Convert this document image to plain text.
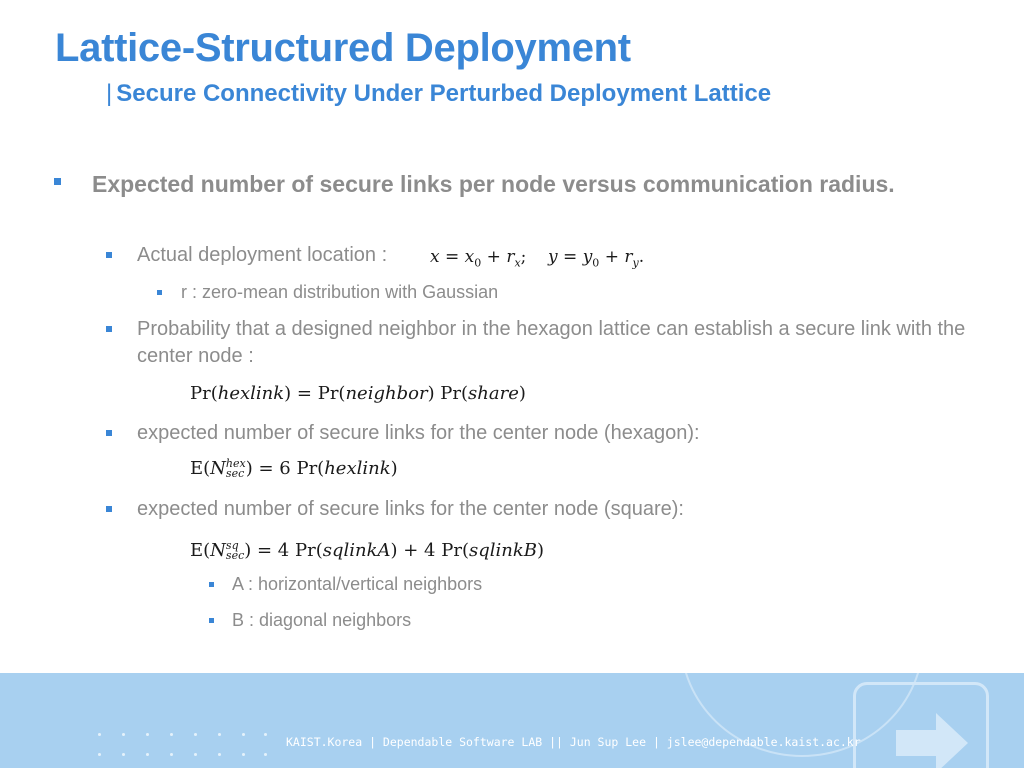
Lattice-Structured Deployment
| Secure Connectivity Under Perturbed Deployment Lattice
Expected number of secure links per node versus communication radius.
Actual deployment location :	$x = x_0 + r_x$;    $y = y_0 + r_y$.
r : zero-mean distribution with Gaussian
Probability that a designed neighbor in the hexagon lattice can establish a secure link with the center node :
Pr(hexlink) = Pr(neighbor) Pr(share)
expected number of secure links for the center node (hexagon):
E(Nhex
sec) = 6 Pr(hexlink)
expected number of secure links for the center node (square):
E(Nsq
sec) = 4 Pr(sqlinkA) + 4 Pr(sqlinkB)
A : horizontal/vertical neighbors
B : diagonal neighbors
KAIST.Korea | Dependable Software LAB || Jun Sup Lee | jslee@dependable.kaist.ac.kr
